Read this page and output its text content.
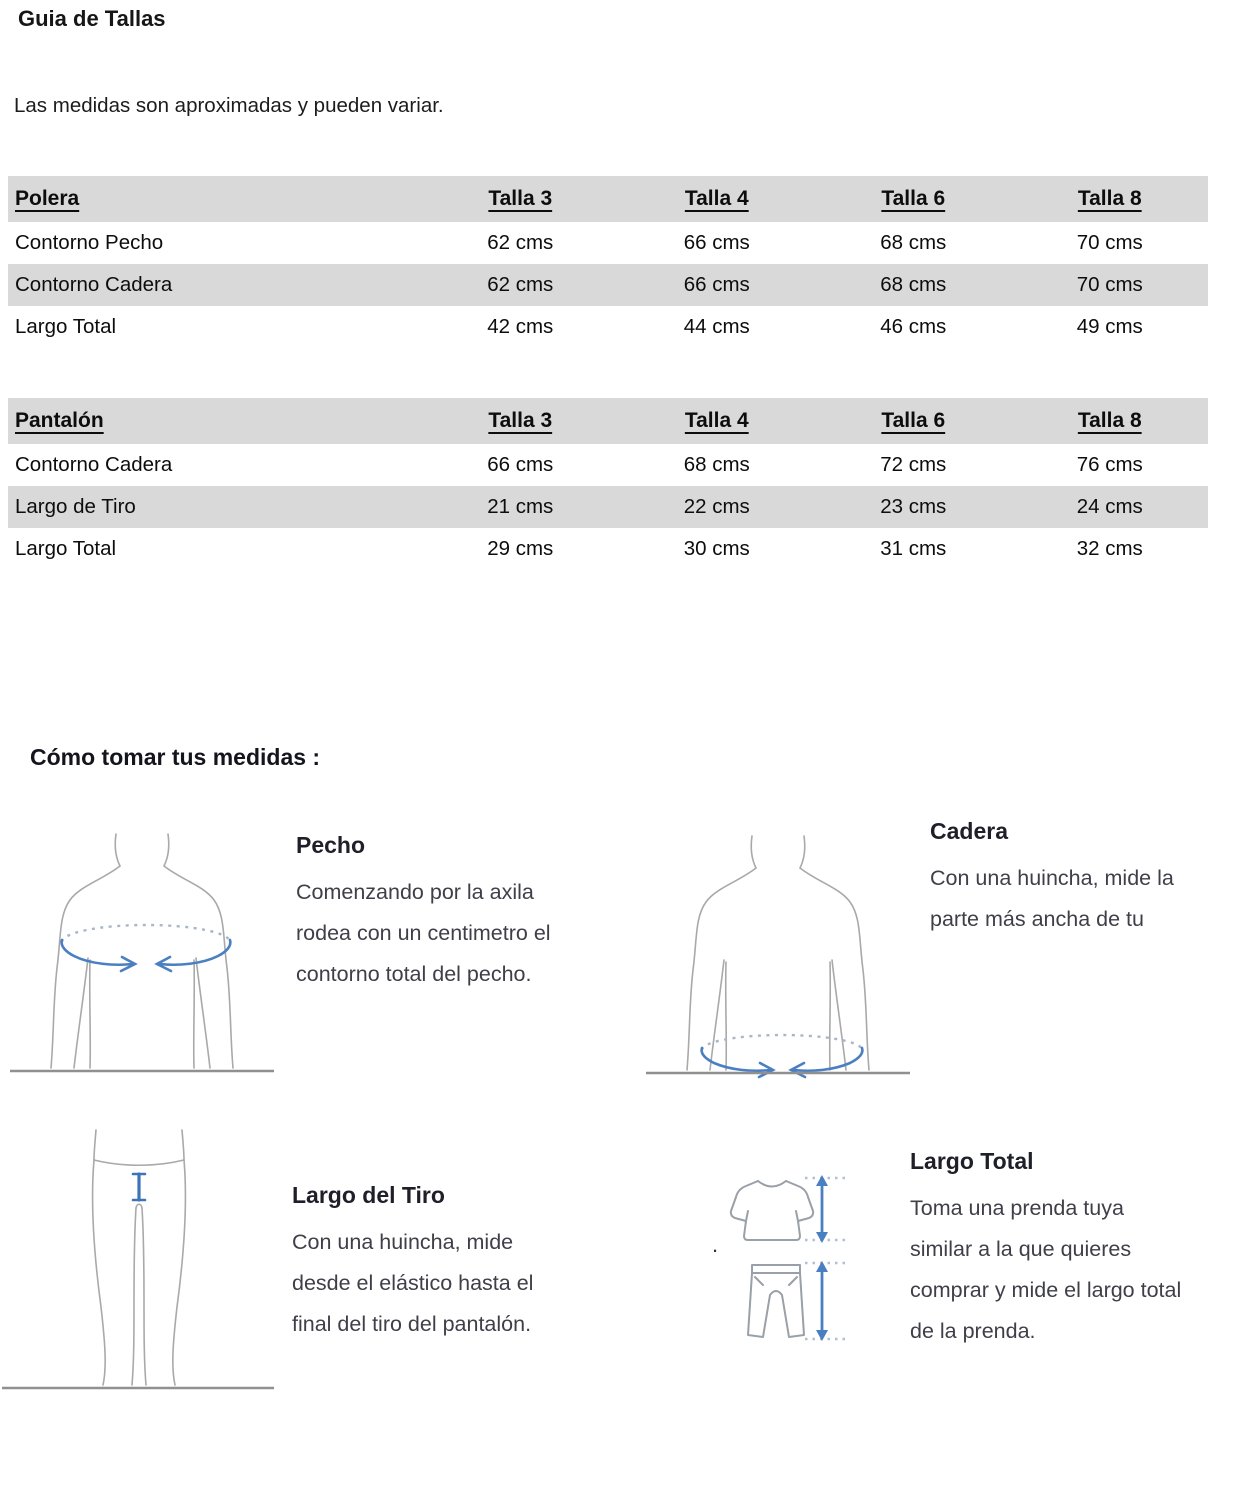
Guia de Tallas
Las medidas son aproximadas y pueden variar.
Polera	Talla 3	Talla 4	Talla 6	Talla 8
Contorno Pecho	62 cms	66 cms	68 cms	70 cms
Contorno Cadera	62 cms	66 cms	68 cms	70 cms
Largo Total	42 cms	44 cms	46 cms	49 cms
Pantalón	Talla 3	Talla 4	Talla 6	Talla 8
Contorno Cadera	66 cms	68 cms	72 cms	76 cms
Largo de Tiro	21 cms	22 cms	23 cms	24 cms
Largo Total	29 cms	30 cms	31 cms	32 cms
Cómo tomar tus medidas :
Pecho
Comenzando por la axila
rodea con un centimetro el
contorno total del pecho.
Cadera
Con una huincha, mide la
parte más ancha de tu
Largo del Tiro
Con una huincha, mide
desde el elástico hasta el
final del tiro del pantalón.
.
Largo Total
Toma una prenda tuya
similar a la que quieres
comprar y mide el largo total
de la prenda.
